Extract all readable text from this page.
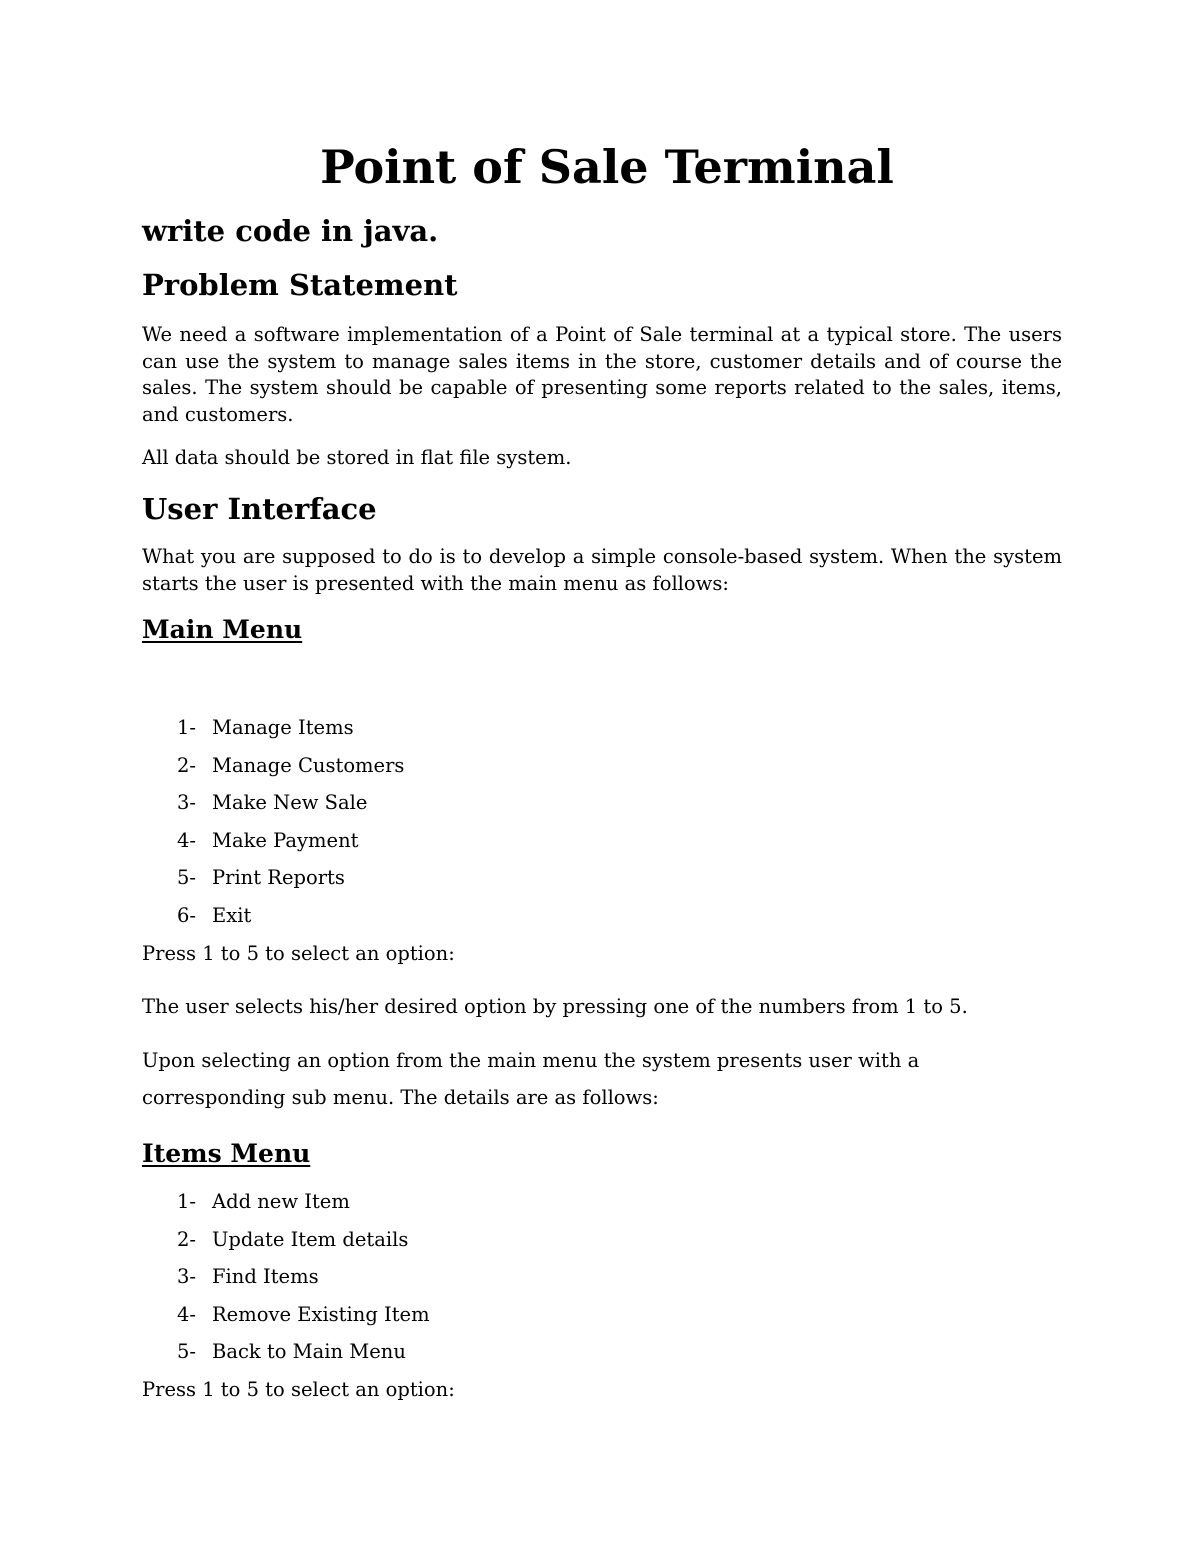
Point of Sale Terminal
write code in java.
Problem Statement

We need a software implementation of a Point of Sale terminal at a typical store. The users can use the system to manage sales items in the store, customer details and of course the sales. The system should be capable of presenting some reports related to the sales, items, and customers.

All data should be stored in flat file system.

User Interface

What you are supposed to do is to develop a simple console-based system. When the system starts the user is presented with the main menu as follows:

Main Menu
1- Manage Items
2- Manage Customers
3- Make New Sale
4- Make Payment
5- Print Reports
6- Exit

Press 1 to 5 to select an option:

The user selects his/her desired option by pressing one of the numbers from 1 to 5.

Upon selecting an option from the main menu the system presents user with a corresponding sub menu. The details are as follows:

Items Menu
1- Add new Item
2- Update Item details
3- Find Items
4- Remove Existing Item
5- Back to Main Menu

Press 1 to 5 to select an option:
